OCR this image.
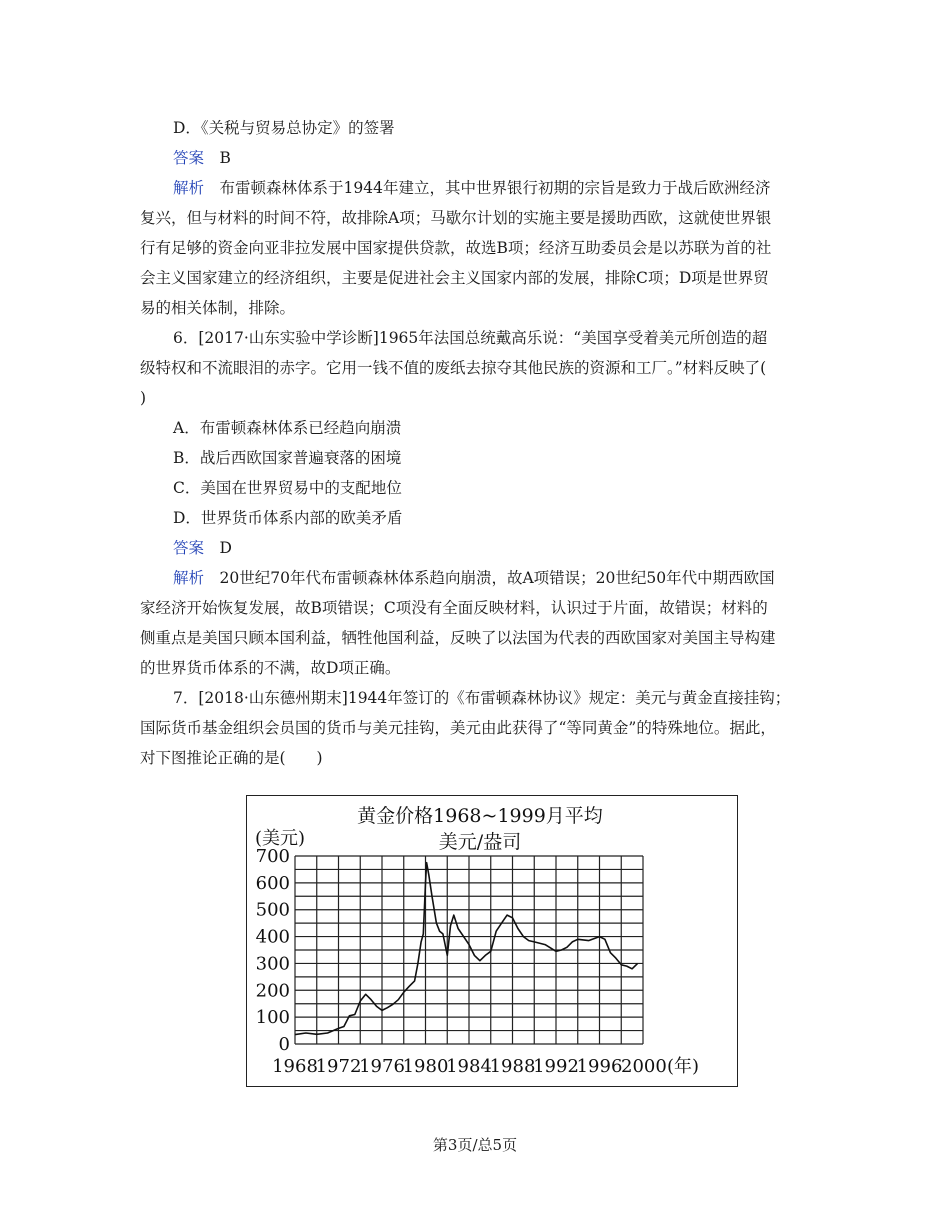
D．《关税与贸易总协定》的签署
答案　B
解析　布雷顿森林体系于1944年建立，其中世界银行初期的宗旨是致力于战后欧洲经济
复兴，但与材料的时间不符，故排除A项；马歇尔计划的实施主要是援助西欧，这就使世界银
行有足够的资金向亚非拉发展中国家提供贷款，故选B项；经济互助委员会是以苏联为首的社
会主义国家建立的经济组织，主要是促进社会主义国家内部的发展，排除C项；D项是世界贸
易的相关体制，排除。
6．[2017·山东实验中学诊断]1965年法国总统戴高乐说：“美国享受着美元所创造的超
级特权和不流眼泪的赤字。它用一钱不值的废纸去掠夺其他民族的资源和工厂。”材料反映了(
)
A．布雷顿森林体系已经趋向崩溃
B．战后西欧国家普遍衰落的困境
C．美国在世界贸易中的支配地位
D．世界货币体系内部的欧美矛盾
答案　D
解析　20世纪70年代布雷顿森林体系趋向崩溃，故A项错误；20世纪50年代中期西欧国
家经济开始恢复发展，故B项错误；C项没有全面反映材料，认识过于片面，故错误；材料的
侧重点是美国只顾本国利益，牺牲他国利益，反映了以法国为代表的西欧国家对美国主导构建
的世界货币体系的不满，故D项正确。
7．[2018·山东德州期末]1944年签订的《布雷顿森林协议》规定：美元与黄金直接挂钩；
国际货币基金组织会员国的货币与美元挂钩，美元由此获得了“等同黄金”的特殊地位。据此，
对下图推论正确的是(　　)
黄金价格1968~1999月平均
美元/盎司
(美元)
0
100
200
300
400
500
600
700
1968
1972
1976
1980
1984
1988
1992
1996
2000 (年)
第3页/总5页
